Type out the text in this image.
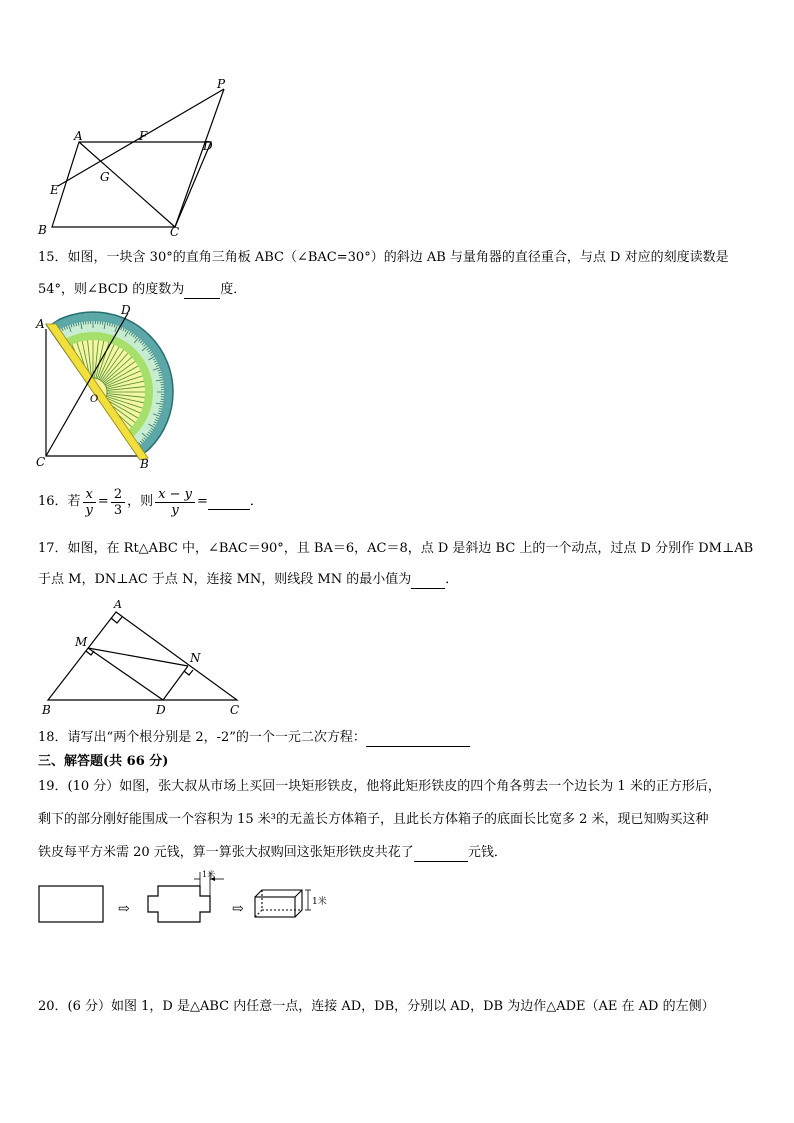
P
A	F
D
E
G
B	C
15．如图，一块含 30°的直角三角板 ABC（∠BAC=30°）的斜边 AB 与量角器的直径重合，与点 D 对应的刻度读数是
54°，则∠BCD 的度数为	度．
A
D
O
C	B
16．若 $\frac{x}{y} = \frac{2}{3}$ ，则 $\frac{x - y}{y}$ =	．
17．如图，在 Rt△ABC 中，∠BAC＝90°，且 BA＝6，AC＝8，点 D 是斜边 BC 上的一个动点，过点 D 分别作 DM⊥AB
于点 M，DN⊥AC 于点 N，连接 MN，则线段 MN 的最小值为	．
A
M
N
B	D	C
18．请写出“两个根分别是 2，-2”的一个一元二次方程：
三、解答题(共 66 分)
19．(10 分）如图，张大叔从市场上买回一块矩形铁皮，他将此矩形铁皮的四个角各剪去一个边长为 1 米的正方形后，
剩下的部分刚好能围成一个容积为 15 米³的无盖长方体箱子，且此长方体箱子的底面长比宽多 2 米，现已知购买这种
铁皮每平方米需 20 元钱，算一算张大叔购回这张矩形铁皮共花了	元钱．
⇨
1米
⇨	1米
20．(6 分）如图 1，D 是△ABC 内任意一点，连接 AD，DB，分别以 AD，DB 为边作△ADE（AE 在 AD 的左侧）
